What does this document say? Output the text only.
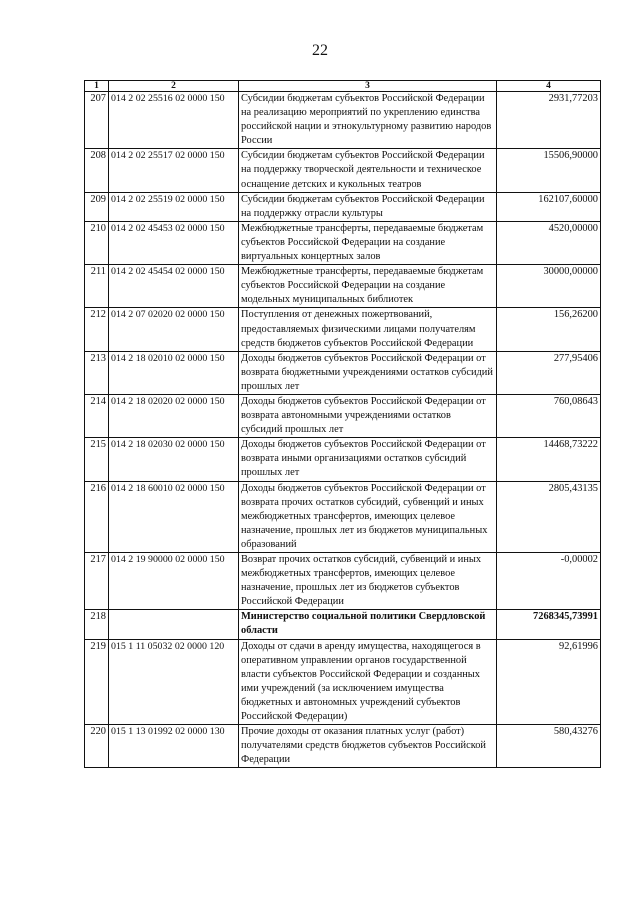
22
1	2	3	4
207	014 2 02 25516 02 0000 150	Субсидии бюджетам субъектов Российской Федерации на реализацию мероприятий по укреплению единства российской нации и этнокультурному развитию народов России	2931,77203
208	014 2 02 25517 02 0000 150	Субсидии бюджетам субъектов Российской Федерации на поддержку творческой деятельности и техническое оснащение детских и кукольных театров	15506,90000
209	014 2 02 25519 02 0000 150	Субсидии бюджетам субъектов Российской Федерации на поддержку отрасли культуры	162107,60000
210	014 2 02 45453 02 0000 150	Межбюджетные трансферты, передаваемые бюджетам субъектов Российской Федерации на создание виртуальных концертных залов	4520,00000
211	014 2 02 45454 02 0000 150	Межбюджетные трансферты, передаваемые бюджетам субъектов Российской Федерации на создание модельных муниципальных библиотек	30000,00000
212	014 2 07 02020 02 0000 150	Поступления от денежных пожертвований, предоставляемых физическими лицами получателям средств бюджетов субъектов Российской Федерации	156,26200
213	014 2 18 02010 02 0000 150	Доходы бюджетов субъектов Российской Федерации от возврата бюджетными учреждениями остатков субсидий прошлых лет	277,95406
214	014 2 18 02020 02 0000 150	Доходы бюджетов субъектов Российской Федерации от возврата автономными учреждениями остатков субсидий прошлых лет	760,08643
215	014 2 18 02030 02 0000 150	Доходы бюджетов субъектов Российской Федерации от возврата иными организациями остатков субсидий прошлых лет	14468,73222
216	014 2 18 60010 02 0000 150	Доходы бюджетов субъектов Российской Федерации от возврата прочих остатков субсидий, субвенций и иных межбюджетных трансфертов, имеющих целевое назначение, прошлых лет из бюджетов муниципальных образований	2805,43135
217	014 2 19 90000 02 0000 150	Возврат прочих остатков субсидий, субвенций и иных межбюджетных трансфертов, имеющих целевое назначение, прошлых лет из бюджетов субъектов Российской Федерации	-0,00002
218		Министерство социальной политики Свердловской области	7268345,73991
219	015 1 11 05032 02 0000 120	Доходы от сдачи в аренду имущества, находящегося в оперативном управлении органов государственной власти субъектов Российской Федерации и созданных ими учреждений (за исключением имущества бюджетных и автономных учреждений субъектов Российской Федерации)	92,61996
220	015 1 13 01992 02 0000 130	Прочие доходы от оказания платных услуг (работ) получателями средств бюджетов субъектов Российской Федерации	580,43276
